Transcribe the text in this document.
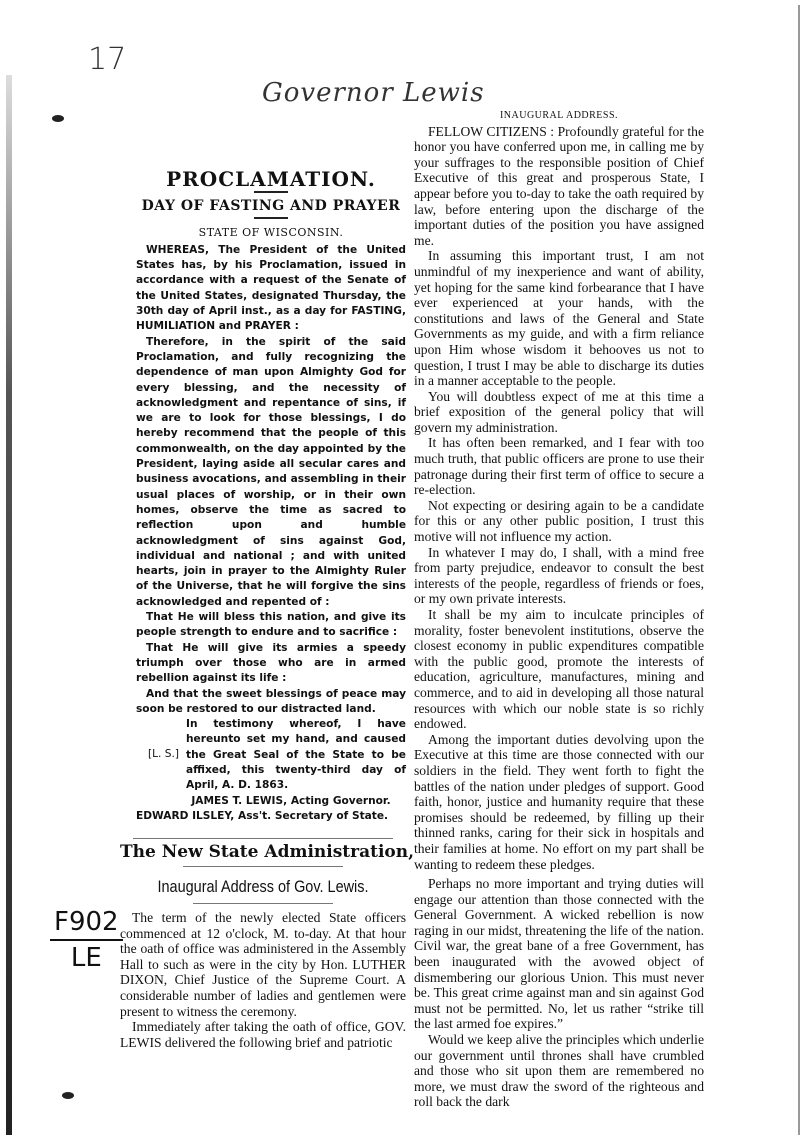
17
Governor Lewis
F902
LE
PROCLAMATION.
DAY OF FASTING AND PRAYER
STATE OF WISCONSIN.

WHEREAS, The President of the United States has, by his Proclamation, issued in accordance with a request of the Senate of the United States, designated Thursday, the 30th day of April inst., as a day for FASTING, HUMILIATION and PRAYER :

Therefore, in the spirit of the said Proclamation, and fully recognizing the dependence of man upon Almighty God for every blessing, and the necessity of acknowledgment and repentance of sins, if we are to look for those blessings, I do hereby recommend that the people of this commonwealth, on the day appointed by the President, laying aside all secular cares and business avocations, and assembling in their usual places of worship, or in their own homes, observe the time as sacred to reflection upon and humble acknowledgment of sins against God, individual and national ; and with united hearts, join in prayer to the Almighty Ruler of the Universe, that he will forgive the sins acknowledged and repented of :

That He will bless this nation, and give its people strength to endure and to sacrifice :

That He will give its armies a speedy triumph over those who are in armed rebellion against its life :

And that the sweet blessings of peace may soon be restored to our distracted land.

[L. S.]

In testimony whereof, I have hereunto set my hand, and caused the Great Seal of the State to be affixed, this twenty-third day of April, A. D. 1863.

JAMES T. LEWIS, Acting Governor.

EDWARD ILSLEY, Ass't. Secretary of State.

INAUGURAL ADDRESS.

FELLOW CITIZENS : Profoundly grateful for the honor you have conferred upon me, in calling me by your suffrages to the responsible position of Chief Executive of this great and prosperous State, I appear before you to-day to take the oath required by law, before entering upon the discharge of the important duties of the position you have assigned me.

In assuming this important trust, I am not unmindful of my inexperience and want of ability, yet hoping for the same kind forbearance that I have ever experienced at your hands, with the constitutions and laws of the General and State Governments as my guide, and with a firm reliance upon Him whose wisdom it behooves us not to question, I trust I may be able to discharge its duties in a manner acceptable to the people.

You will doubtless expect of me at this time a brief exposition of the general policy that will govern my administration.

It has often been remarked, and I fear with too much truth, that public officers are prone to use their patronage during their first term of office to secure a re-election.

Not expecting or desiring again to be a candidate for this or any other public position, I trust this motive will not influence my action.

In whatever I may do, I shall, with a mind free from party prejudice, endeavor to consult the best interests of the people, regardless of friends or foes, or my own private interests.

It shall be my aim to inculcate principles of morality, foster benevolent institutions, observe the closest economy in public expenditures compatible with the public good, promote the interests of education, agriculture, manufactures, mining and commerce, and to aid in developing all those natural resources with which our noble state is so richly endowed.

Among the important duties devolving upon the Executive at this time are those connected with our soldiers in the field. They went forth to fight the battles of the nation under pledges of support. Good faith, honor, justice and humanity require that these promises should be redeemed, by filling up their thinned ranks, caring for their sick in hospitals and their families at home. No effort on my part shall be wanting to redeem these pledges.

Perhaps no more important and trying duties will engage our attention than those connected with the General Government. A wicked rebellion is now raging in our midst, threatening the life of the nation. Civil war, the great bane of a free Government, has been inaugurated with the avowed object of dismembering our glorious Union. This must never be. This great crime against man and sin against God must not be permitted. No, let us rather “strike till the last armed foe expires.”

Would we keep alive the principles which underlie our government until thrones shall have crumbled and those who sit upon them are remembered no more, we must draw the sword of the righteous and roll back the dark

The New State Administration,
Inaugural Address of Gov. Lewis.

The term of the newly elected State officers commenced at 12 o'clock, M. to-day. At that hour the oath of office was administered in the Assembly Hall to such as were in the city by Hon. LUTHER DIXON, Chief Justice of the Supreme Court. A considerable number of ladies and gentlemen were present to witness the ceremony.

Immediately after taking the oath of office, GOV. LEWIS delivered the following brief and patriotic
